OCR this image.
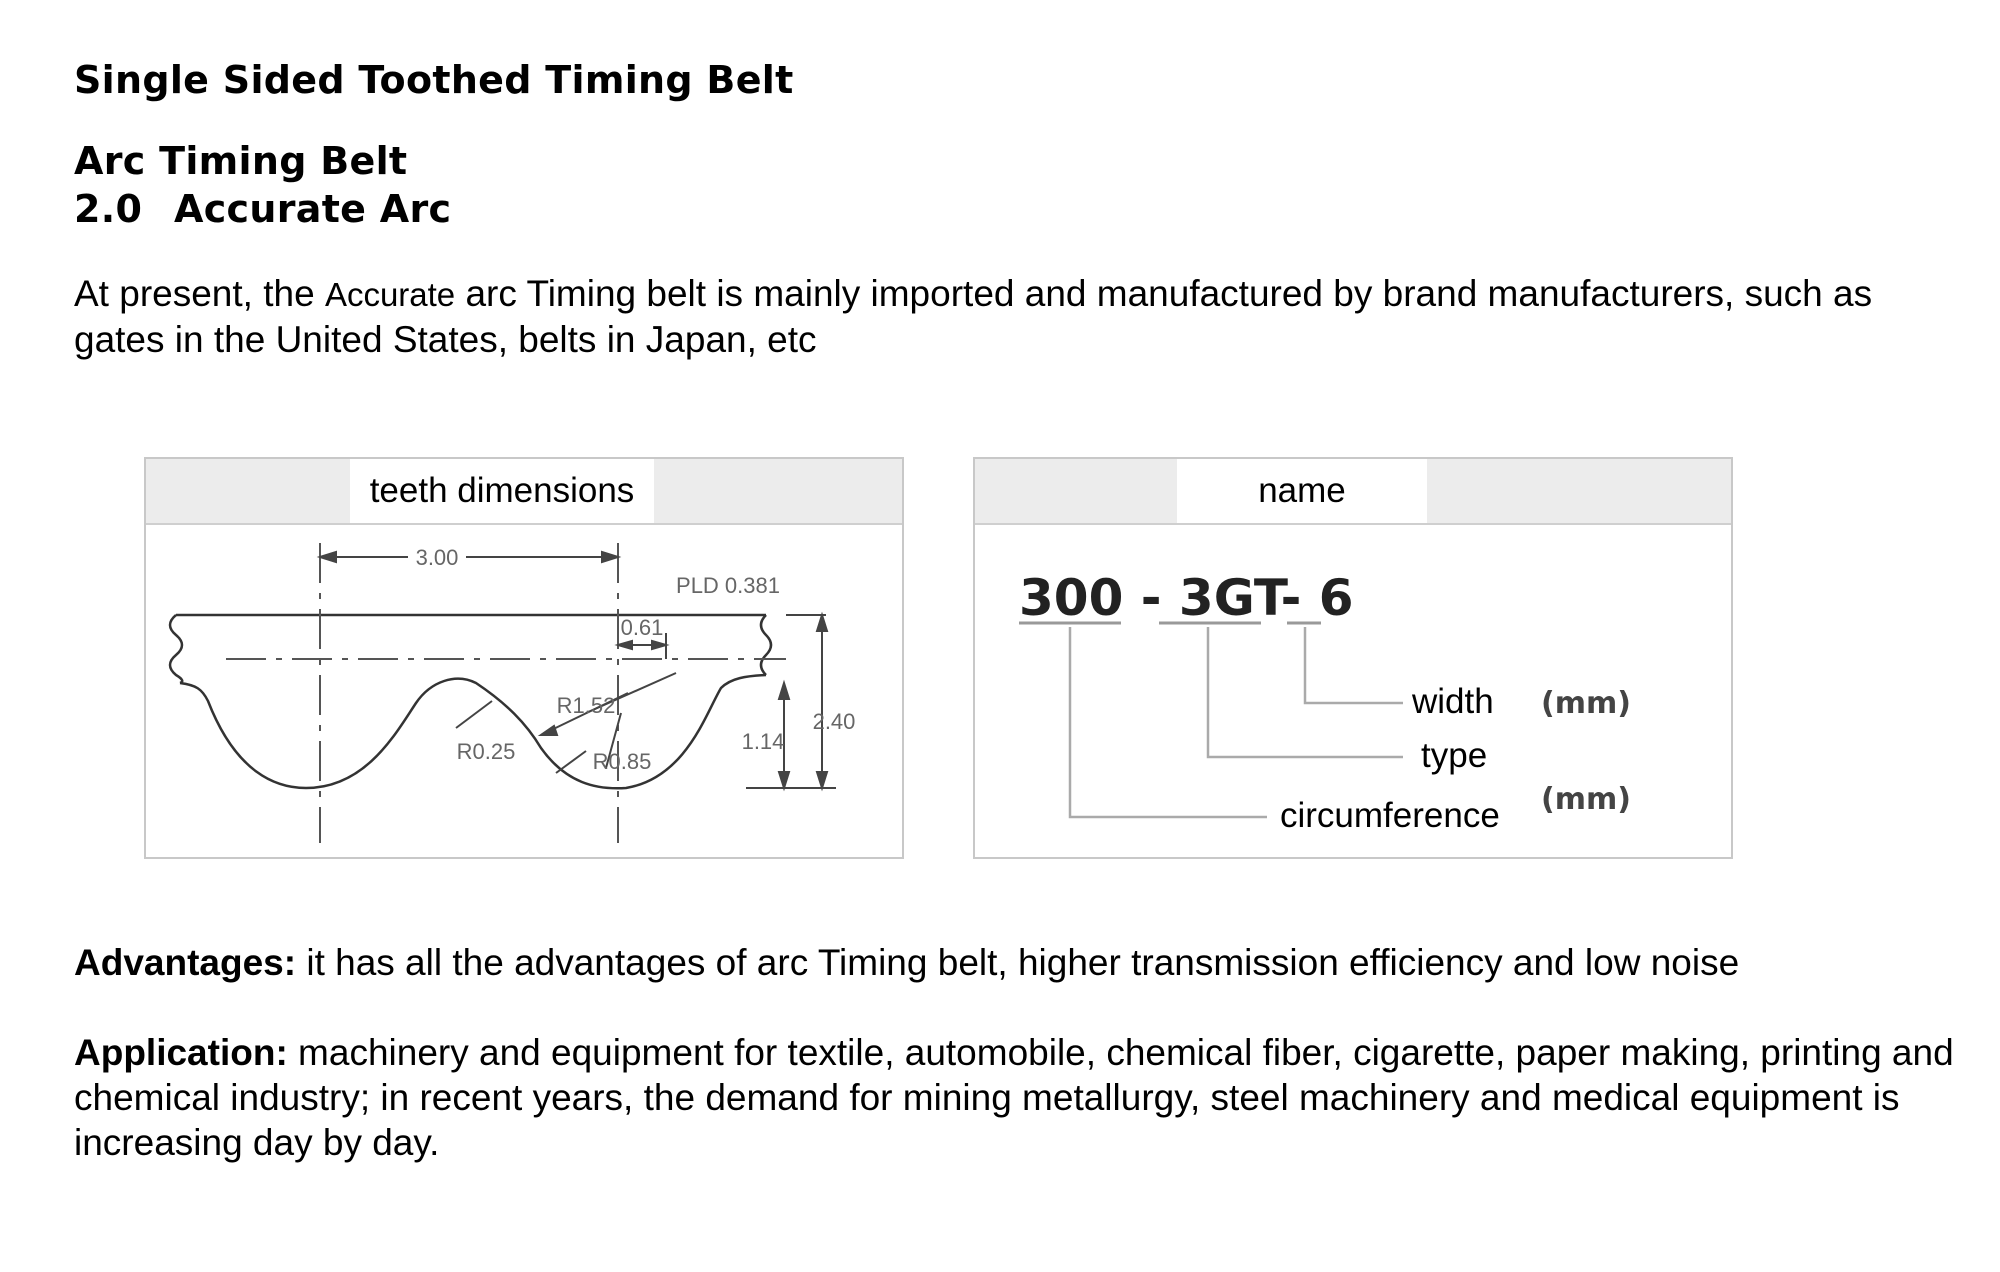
Single Sided Toothed Timing Belt
Arc Timing Belt
2.0 Accurate Arc

At present, the Accurate arc Timing belt is mainly imported and manufactured by brand manufacturers, such as gates in the United States, belts in Japan, etc

teeth dimensions
3.00
PLD 0.381
0.61
R1.52
R0.25	R0.85
2.40
1.14
name
300 - 3GT- 6
width
type
circumference
(mm)
(mm)

Advantages: it has all the advantages of arc Timing belt, higher transmission efficiency and low noise

Application: machinery and equipment for textile, automobile, chemical fiber, cigarette, paper making, printing and chemical industry; in recent years, the demand for mining metallurgy, steel machinery and medical equipment is increasing day by day.
